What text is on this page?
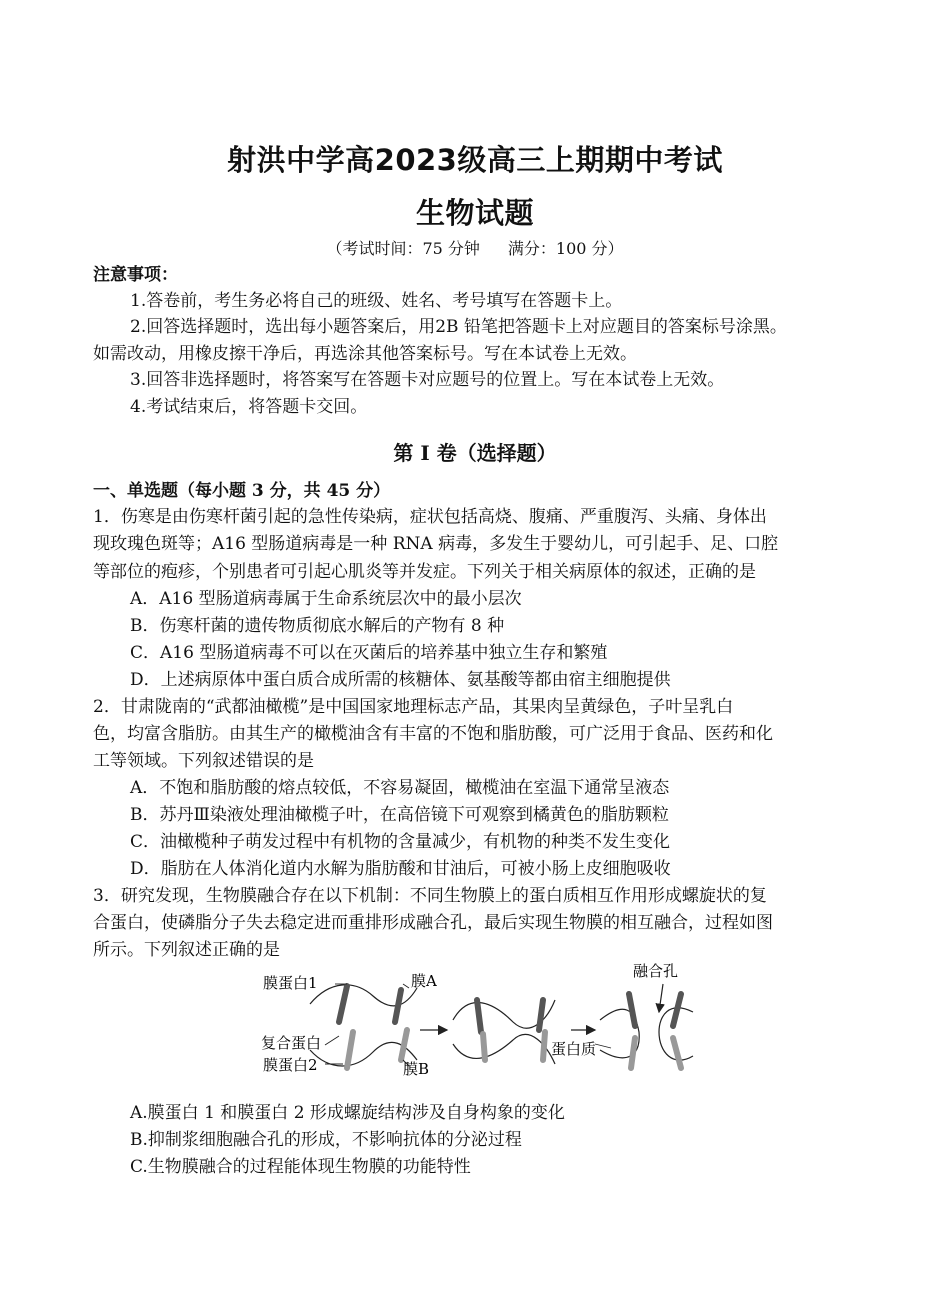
射洪中学高2023级高三上期期中考试
生物试题
（考试时间：75 分钟 满分：100 分）
注意事项：
1.答卷前，考生务必将自己的班级、姓名、考号填写在答题卡上。
2.回答选择题时，选出每小题答案后，用2B 铅笔把答题卡上对应题目的答案标号涂黑。
如需改动，用橡皮擦干净后，再选涂其他答案标号。写在本试卷上无效。
3.回答非选择题时，将答案写在答题卡对应题号的位置上。写在本试卷上无效。
4.考试结束后，将答题卡交回。
第 I 卷（选择题）
一、单选题（每小题 3 分，共 45 分）
1．伤寒是由伤寒杆菌引起的急性传染病，症状包括高烧、腹痛、严重腹泻、头痛、身体出
现玫瑰色斑等；A16 型肠道病毒是一种 RNA 病毒，多发生于婴幼儿，可引起手、足、口腔
等部位的疱疹，个别患者可引起心肌炎等并发症。下列关于相关病原体的叙述，正确的是
A．A16 型肠道病毒属于生命系统层次中的最小层次
B．伤寒杆菌的遗传物质彻底水解后的产物有 8 种
C．A16 型肠道病毒不可以在灭菌后的培养基中独立生存和繁殖
D．上述病原体中蛋白质合成所需的核糖体、氨基酸等都由宿主细胞提供
2．甘肃陇南的“武都油橄榄”是中国国家地理标志产品，其果肉呈黄绿色，子叶呈乳白
色，均富含脂肪。由其生产的橄榄油含有丰富的不饱和脂肪酸，可广泛用于食品、医药和化
工等领域。下列叙述错误的是
A．不饱和脂肪酸的熔点较低，不容易凝固，橄榄油在室温下通常呈液态
B．苏丹Ⅲ染液处理油橄榄子叶，在高倍镜下可观察到橘黄色的脂肪颗粒
C．油橄榄种子萌发过程中有机物的含量减少，有机物的种类不发生变化
D．脂肪在人体消化道内水解为脂肪酸和甘油后，可被小肠上皮细胞吸收
3．研究发现，生物膜融合存在以下机制：不同生物膜上的蛋白质相互作用形成螺旋状的复
合蛋白，使磷脂分子失去稳定进而重排形成融合孔，最后实现生物膜的相互融合，过程如图
所示。下列叙述正确的是
膜蛋白1	膜A
复合蛋白
膜蛋白2	膜B
蛋白质
融合孔
A.膜蛋白 1 和膜蛋白 2 形成螺旋结构涉及自身构象的变化
B.抑制浆细胞融合孔的形成，不影响抗体的分泌过程
C.生物膜融合的过程能体现生物膜的功能特性
